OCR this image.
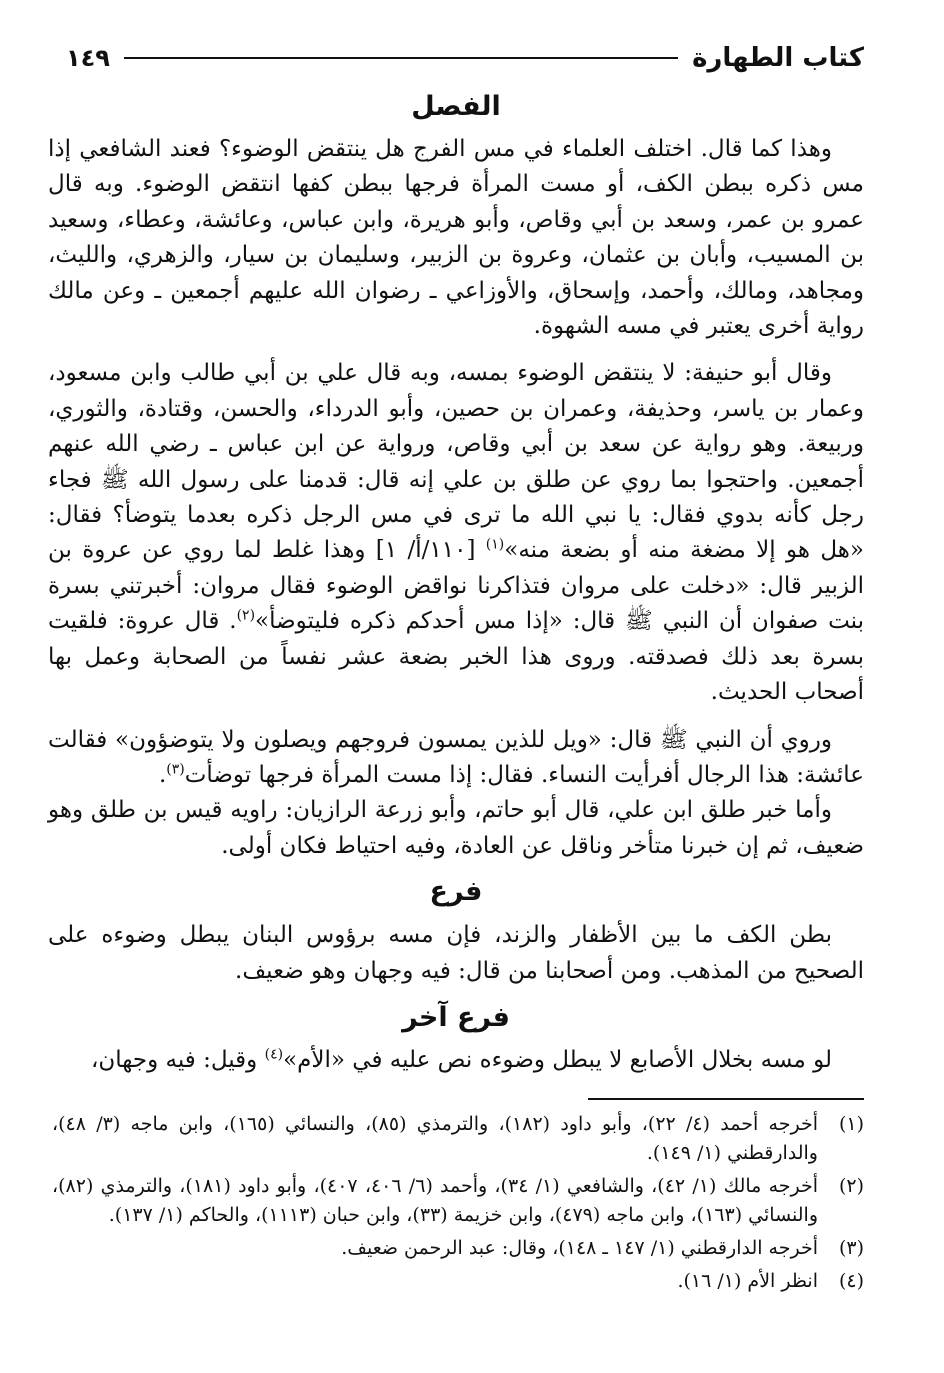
١٤٩	كتاب الطهارة
الفصل

وهذا كما قال. اختلف العلماء في مس الفرج هل ينتقض الوضوء؟ فعند الشافعي إذا مس ذكره ببطن الكف، أو مست المرأة فرجها ببطن كفها انتقض الوضوء. وبه قال عمرو بن عمر، وسعد بن أبي وقاص، وأبو هريرة، وابن عباس، وعائشة، وعطاء، وسعيد بن المسيب، وأبان بن عثمان، وعروة بن الزبير، وسليمان بن سيار، والزهري، والليث، ومجاهد، ومالك، وأحمد، وإسحاق، والأوزاعي ـ رضوان الله عليهم أجمعين ـ وعن مالك رواية أخرى يعتبر في مسه الشهوة.

وقال أبو حنيفة: لا ينتقض الوضوء بمسه، وبه قال علي بن أبي طالب وابن مسعود، وعمار بن ياسر، وحذيفة، وعمران بن حصين، وأبو الدرداء، والحسن، وقتادة، والثوري، وربيعة. وهو رواية عن سعد بن أبي وقاص، ورواية عن ابن عباس ـ رضي الله عنهم أجمعين. واحتجوا بما روي عن طلق بن علي إنه قال: قدمنا على رسول الله ﷺ فجاء رجل كأنه بدوي فقال: يا نبي الله ما ترى في مس الرجل ذكره بعدما يتوضأ؟ فقال: «هل هو إلا مضغة منه أو بضعة منه»$^{(١)}$ [١١٠/أ/ ١] وهذا غلط لما روي عن عروة بن الزبير قال: «دخلت على مروان فتذاكرنا نواقض الوضوء فقال مروان: أخبرتني بسرة بنت صفوان أن النبي ﷺ قال: «إذا مس أحدكم ذكره فليتوضأ»$^{(٢)}$. قال عروة: فلقيت بسرة بعد ذلك فصدقته. وروى هذا الخبر بضعة عشر نفساً من الصحابة وعمل بها أصحاب الحديث.

وروي أن النبي ﷺ قال: «ويل للذين يمسون فروجهم ويصلون ولا يتوضؤون» فقالت عائشة: هذا الرجال أفرأيت النساء. فقال: إذا مست المرأة فرجها توضأت$^{(٣)}$.

وأما خبر طلق ابن علي، قال أبو حاتم، وأبو زرعة الرازيان: راويه قيس بن طلق وهو ضعيف، ثم إن خبرنا متأخر وناقل عن العادة، وفيه احتياط فكان أولى.

فرع

بطن الكف ما بين الأظفار والزند، فإن مسه برؤوس البنان يبطل وضوءه على الصحيح من المذهب. ومن أصحابنا من قال: فيه وجهان وهو ضعيف.

فرع آخر

لو مسه بخلال الأصابع لا يبطل وضوءه نص عليه في «الأم»$^{(٤)}$ وقيل: فيه وجهان،

(١)
أخرجه أحمد (٤/ ٢٢)، وأبو داود (١٨٢)، والترمذي (٨٥)، والنسائي (١٦٥)، وابن ماجه (٣/ ٤٨)، والدارقطني (١/ ١٤٩).
(٢)
أخرجه مالك (١/ ٤٢)، والشافعي (١/ ٣٤)، وأحمد (٦/ ٤٠٦، ٤٠٧)، وأبو داود (١٨١)، والترمذي (٨٢)، والنسائي (١٦٣)، وابن ماجه (٤٧٩)، وابن خزيمة (٣٣)، وابن حبان (١١١٣)، والحاكم (١/ ١٣٧).
(٣)
أخرجه الدارقطني (١/ ١٤٧ ـ ١٤٨)، وقال: عبد الرحمن ضعيف.
(٤)
انظر الأم (١/ ١٦).
